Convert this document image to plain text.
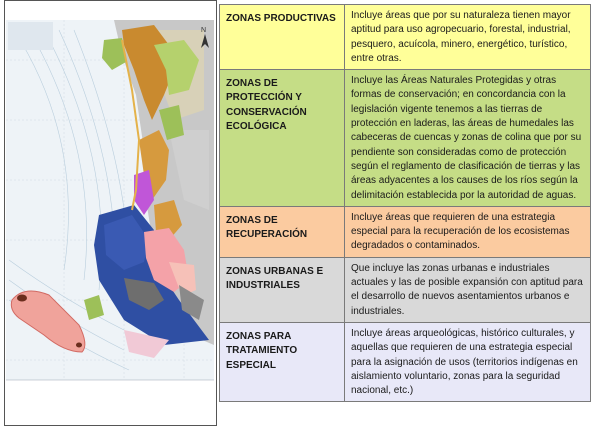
N
ZONAS PRODUCTIVAS	Incluye áreas que por su naturaleza tienen mayor aptitud para uso agropecuario, forestal, industrial, pesquero, acuícola, minero, energético, turístico, entre otras.
ZONAS DE PROTECCIÓN Y CONSERVACIÓN ECOLÓGICA	Incluye las Áreas Naturales Protegidas y otras formas de conservación; en concordancia con la legislación vigente tenemos a las tierras de protección en laderas, las áreas de humedales las cabeceras de cuencas y zonas de colina que por su pendiente son consideradas como de protección según el reglamento de clasificación de tierras y las áreas adyacentes a los causes de los ríos según la delimitación establecida por la autoridad de aguas.
ZONAS DE RECUPERACIÓN	Incluye áreas que requieren de una estrategia especial para la recuperación de los ecosistemas degradados o contaminados.
ZONAS URBANAS E INDUSTRIALES	Que incluye las zonas urbanas e industriales actuales y las de posible expansión con aptitud para el desarrollo de nuevos asentamientos urbanos e industriales.
ZONAS PARA TRATAMIENTO ESPECIAL	Incluye áreas arqueológicas, histórico culturales, y aquellas que requieren de una estrategia especial para la asignación de usos (territorios indígenas en aislamiento voluntario, zonas para la seguridad nacional, etc.)
